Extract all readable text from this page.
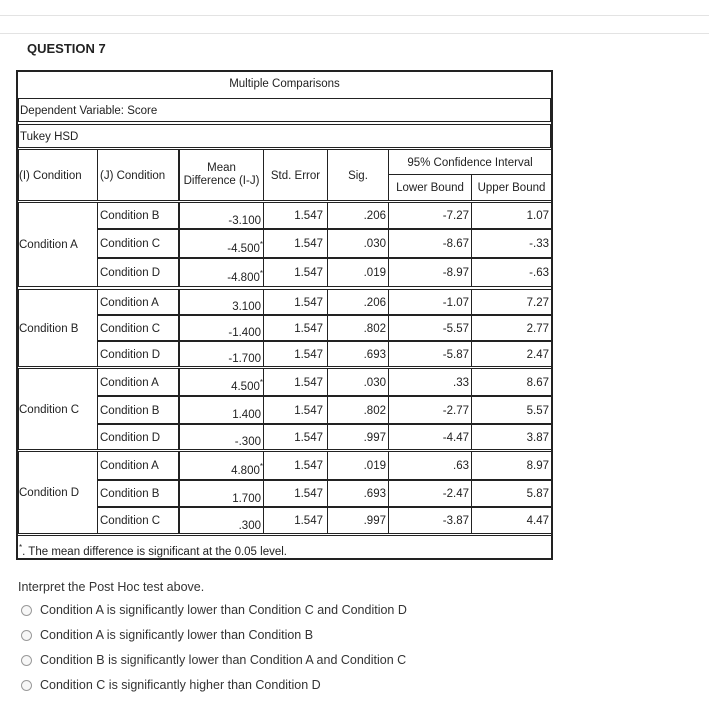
QUESTION 7
Multiple Comparisons
Dependent Variable: Score
Tukey HSD
(I) Condition	(J) Condition
Mean
Difference (I-J) Std. Error	Sig.
95% Confidence Interval
Lower Bound	Upper Bound
Condition A
Condition B	-3.100	1.547	.206	-7.27	1.07
Condition C	-4.500*	1.547	.030	-8.67	-.33
Condition D	-4.800*	1.547	.019	-8.97	-.63
Condition B
Condition A	3.100	1.547	.206	-1.07	7.27
Condition C	-1.400	1.547	.802	-5.57	2.77
Condition D	-1.700	1.547	.693	-5.87	2.47
Condition C
Condition A	4.500*	1.547	.030	.33	8.67
Condition B	1.400	1.547	.802	-2.77	5.57
Condition D	-.300	1.547	.997	-4.47	3.87
Condition D
Condition A	4.800*	1.547	.019	.63	8.97
Condition B	1.700	1.547	.693	-2.47	5.87
Condition C	.300	1.547	.997	-3.87	4.47
*. The mean difference is significant at the 0.05 level.
Interpret the Post Hoc test above.
Condition A is significantly lower than Condition C and Condition D
Condition A is significantly lower than Condition B
Condition B is significantly lower than Condition A and Condition C
Condition C is significantly higher than Condition D
